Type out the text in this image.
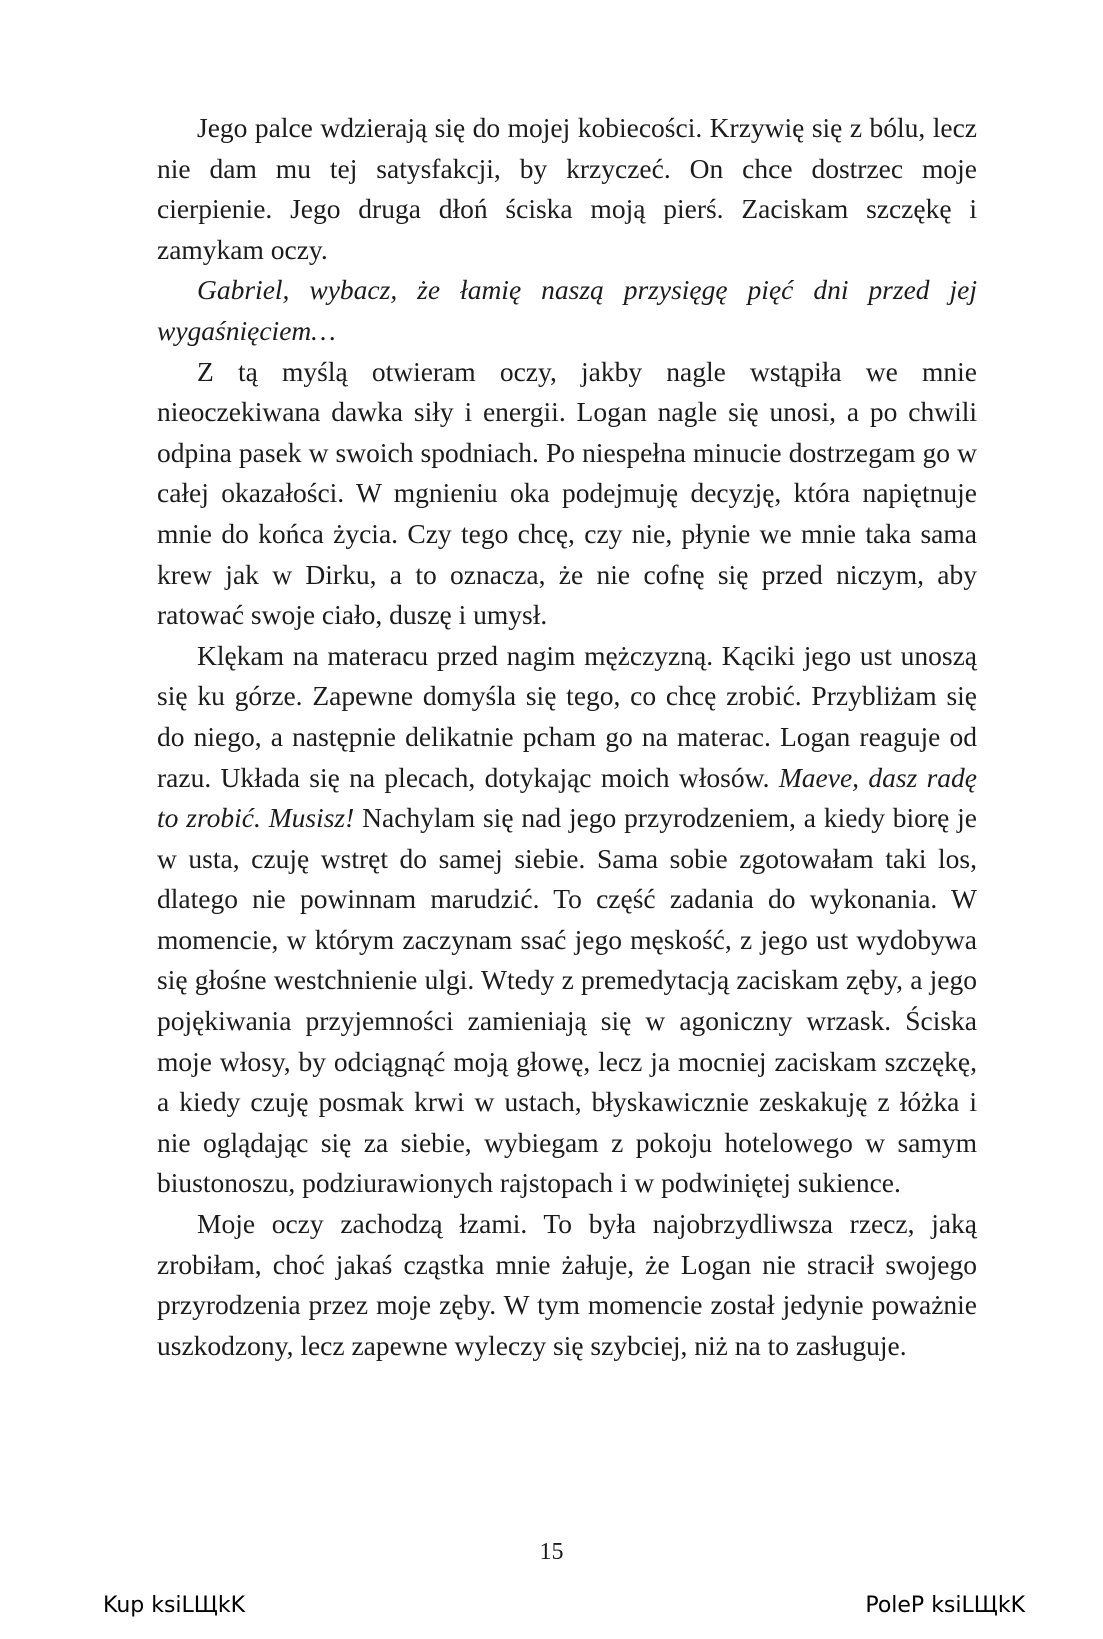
Jego palce wdzierają się do mojej kobiecości. Krzywię się z bólu, lecz nie dam mu tej satysfakcji, by krzyczeć. On chce dostrzec moje cierpienie. Jego druga dłoń ściska moją pierś. Zaciskam szczękę i zamykam oczy.

Gabriel, wybacz, że łamię naszą przysięgę pięć dni przed jej wygaśnięciem…

Z tą myślą otwieram oczy, jakby nagle wstąpiła we mnie nieoczekiwana dawka siły i energii. Logan nagle się unosi, a po chwili odpina pasek w swoich spodniach. Po niespełna minucie dostrzegam go w całej okazałości. W mgnieniu oka podejmuję decyzję, która napiętnuje mnie do końca życia. Czy tego chcę, czy nie, płynie we mnie taka sama krew jak w Dirku, a to oznacza, że nie cofnę się przed niczym, aby ratować swoje ciało, duszę i umysł.

Klękam na materacu przed nagim mężczyzną. Kąciki jego ust unoszą się ku górze. Zapewne domyśla się tego, co chcę zrobić. Przybliżam się do niego, a następnie delikatnie pcham go na materac. Logan reaguje od razu. Układa się na plecach, dotykając moich włosów. Maeve, dasz radę to zrobić. Musisz! Nachylam się nad jego przyrodzeniem, a kiedy biorę je w usta, czuję wstręt do samej siebie. Sama sobie zgotowałam taki los, dlatego nie powinnam marudzić. To część zadania do wykonania. W momencie, w którym zaczynam ssać jego męskość, z jego ust wydobywa się głośne westchnienie ulgi. Wtedy z premedytacją zaciskam zęby, a jego pojękiwania przyjemności zamieniają się w agoniczny wrzask. Ściska moje włosy, by odciągnąć moją głowę, lecz ja mocniej zaciskam szczękę, a kiedy czuję posmak krwi w ustach, błyskawicznie zeskakuję z łóżka i nie oglądając się za siebie, wybiegam z pokoju hotelowego w samym biustonoszu, podziurawionych rajstopach i w podwiniętej sukience.

Moje oczy zachodzą łzami. To była najobrzydliwsza rzecz, jaką zrobiłam, choć jakaś cząstka mnie żałuje, że Logan nie stracił swojego przyrodzenia przez moje zęby. W tym momencie został jedynie poważnie uszkodzony, lecz zapewne wyleczy się szybciej, niż na to zasługuje.

15
Kup ksiLЩkK	PoleP ksiLЩkK
